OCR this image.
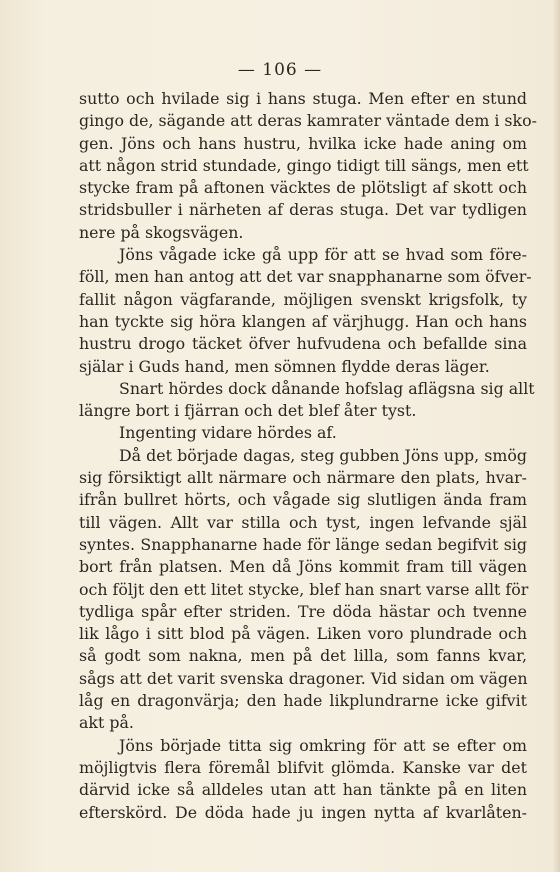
— 106 —
sutto och hvilade sig i hans stuga. Men efter en stund
gingo de, sägande att deras kamrater väntade dem i sko-
gen. Jöns och hans hustru, hvilka icke hade aning om
att någon strid stundade, gingo tidigt till sängs, men ett
stycke fram på aftonen väcktes de plötsligt af skott och
stridsbuller i närheten af deras stuga. Det var tydligen
nere på skogsvägen.
Jöns vågade icke gå upp för att se hvad som före-
föll, men han antog att det var snapphanarne som öfver-
fallit någon vägfarande, möjligen svenskt krigsfolk, ty
han tyckte sig höra klangen af värjhugg. Han och hans
hustru drogo täcket öfver hufvudena och befallde sina
själar i Guds hand, men sömnen flydde deras läger.
Snart hördes dock dånande hofslag aflägsna sig allt
längre bort i fjärran och det blef åter tyst.
Ingenting vidare hördes af.
Då det började dagas, steg gubben Jöns upp, smög
sig försiktigt allt närmare och närmare den plats, hvar-
ifrån bullret hörts, och vågade sig slutligen ända fram
till vägen. Allt var stilla och tyst, ingen lefvande själ
syntes. Snapphanarne hade för länge sedan begifvit sig
bort från platsen. Men då Jöns kommit fram till vägen
och följt den ett litet stycke, blef han snart varse allt för
tydliga spår efter striden. Tre döda hästar och tvenne
lik lågo i sitt blod på vägen. Liken voro plundrade och
så godt som nakna, men på det lilla, som fanns kvar,
sågs att det varit svenska dragoner. Vid sidan om vägen
låg en dragonvärja; den hade likplundrarne icke gifvit
akt på.
Jöns började titta sig omkring för att se efter om
möjligtvis flera föremål blifvit glömda. Kanske var det
därvid icke så alldeles utan att han tänkte på en liten
efterskörd. De döda hade ju ingen nytta af kvarlåten-
